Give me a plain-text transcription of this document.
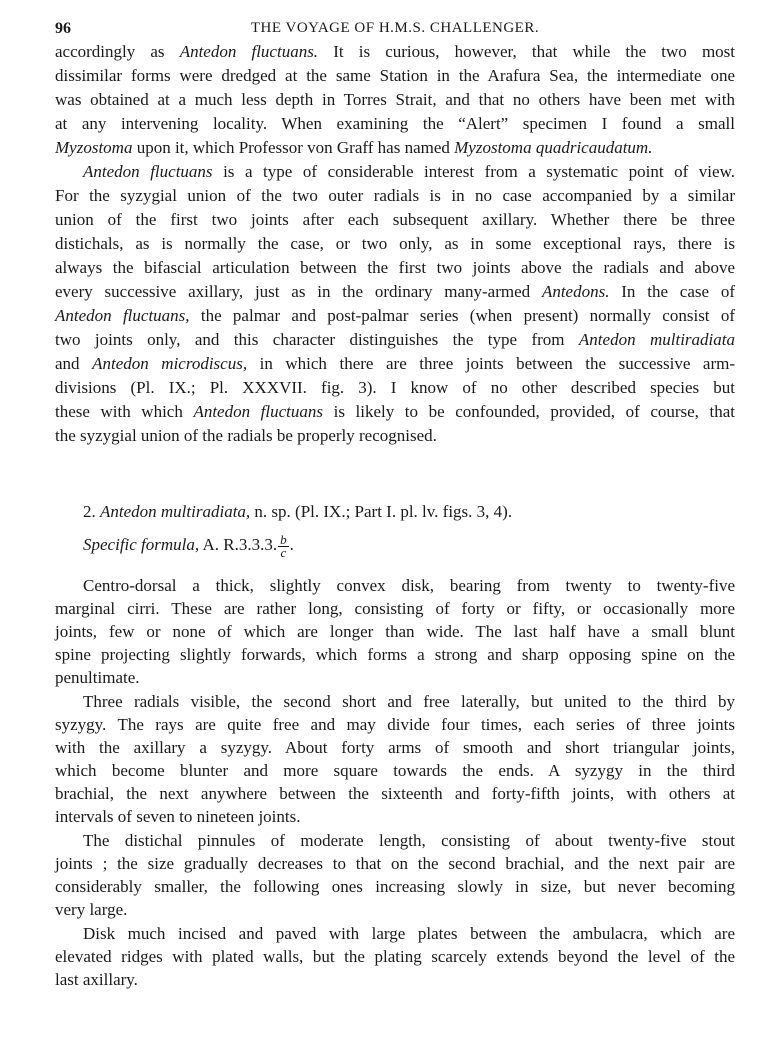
96	THE VOYAGE OF H.M.S. CHALLENGER.
accordingly as Antedon fluctuans. It is curious, however, that while the two most
dissimilar forms were dredged at the same Station in the Arafura Sea, the intermediate one
was obtained at a much less depth in Torres Strait, and that no others have been met with
at any intervening locality. When examining the “Alert” specimen I found a small
Myzostoma upon it, which Professor von Graff has named Myzostoma quadricaudatum.
Antedon fluctuans is a type of considerable interest from a systematic point of view.
For the syzygial union of the two outer radials is in no case accompanied by a similar
union of the first two joints after each subsequent axillary. Whether there be three
distichals, as is normally the case, or two only, as in some exceptional rays, there is
always the bifascial articulation between the first two joints above the radials and above
every successive axillary, just as in the ordinary many-armed Antedons. In the case of
Antedon fluctuans, the palmar and post-palmar series (when present) normally consist of
two joints only, and this character distinguishes the type from Antedon multiradiata
and Antedon microdiscus, in which there are three joints between the successive arm-
divisions (Pl. IX.; Pl. XXXVII. fig. 3). I know of no other described species but
these with which Antedon fluctuans is likely to be confounded, provided, of course, that
the syzygial union of the radials be properly recognised.
2. Antedon multiradiata, n. sp. (Pl. IX.; Part I. pl. lv. figs. 3, 4).
Specific formula, A. R.3.3.3. $\frac{b}{c}$ .
Centro-dorsal a thick, slightly convex disk, bearing from twenty to twenty-five
marginal cirri. These are rather long, consisting of forty or fifty, or occasionally more
joints, few or none of which are longer than wide. The last half have a small blunt
spine projecting slightly forwards, which forms a strong and sharp opposing spine on the
penultimate.
Three radials visible, the second short and free laterally, but united to the third by
syzygy. The rays are quite free and may divide four times, each series of three joints
with the axillary a syzygy. About forty arms of smooth and short triangular joints,
which become blunter and more square towards the ends. A syzygy in the third
brachial, the next anywhere between the sixteenth and forty-fifth joints, with others at
intervals of seven to nineteen joints.
The distichal pinnules of moderate length, consisting of about twenty-five stout
joints ; the size gradually decreases to that on the second brachial, and the next pair are
considerably smaller, the following ones increasing slowly in size, but never becoming
very large.
Disk much incised and paved with large plates between the ambulacra, which are
elevated ridges with plated walls, but the plating scarcely extends beyond the level of the
last axillary.
